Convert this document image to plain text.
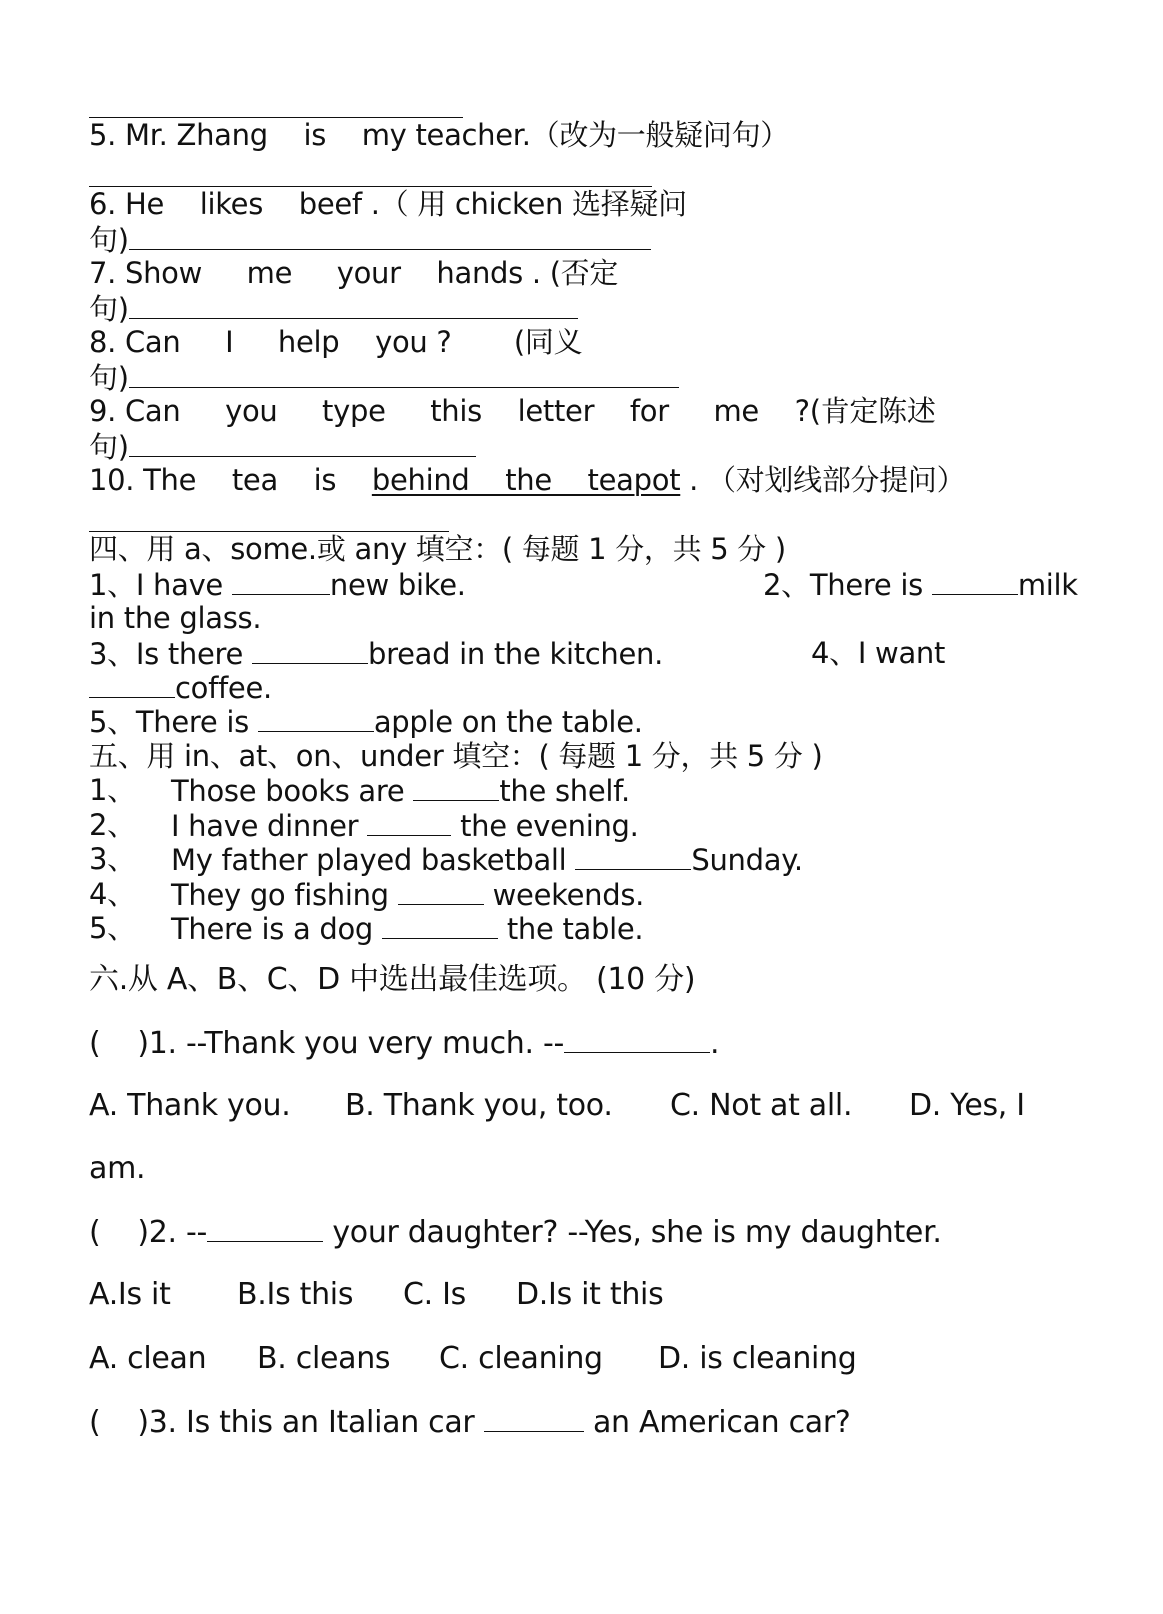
5. Mr. Zhang    is    my teacher.（改为一般疑问句）

6. He    likes    beef .（ 用 chicken 选择疑问

句)

7. Show     me     your    hands . (否定

句)

8. Can     I     help    you ?       (同义

句)

9. Can     you     type     this    letter    for     me    ?(肯定陈述

句)

10. The    tea    is    behind    the    teapot . （对划线部分提问）

四、用 a、some.或 any 填空：( 每题 1 分，共 5 分 )

1、I have	new bike.	2、There is	milk

in the glass.

3、Is there	bread in the kitchen.	4、I want

coffee.

5、There is	apple on the table.

五、用 in、at、on、under 填空：( 每题 1 分，共 5 分 )

1、 Those books are	the shelf.

2、 I have dinner	the evening.

3、 My father played basketball	Sunday.

4、 They go fishing	weekends.

5、 There is a dog	the table.

六.从 A、B、C、D 中选出最佳选项。 (10 分)

(    )1. --Thank you very much. --	.

A. Thank you. B. Thank you, too. C. Not at all. D. Yes, I

am.

(    )2. --	your daughter? --Yes, she is my daughter.

A.Is it B.Is this C. Is D.Is it this

A. clean B. cleans C. cleaning D. is cleaning

(    )3. Is this an Italian car	an American car?
